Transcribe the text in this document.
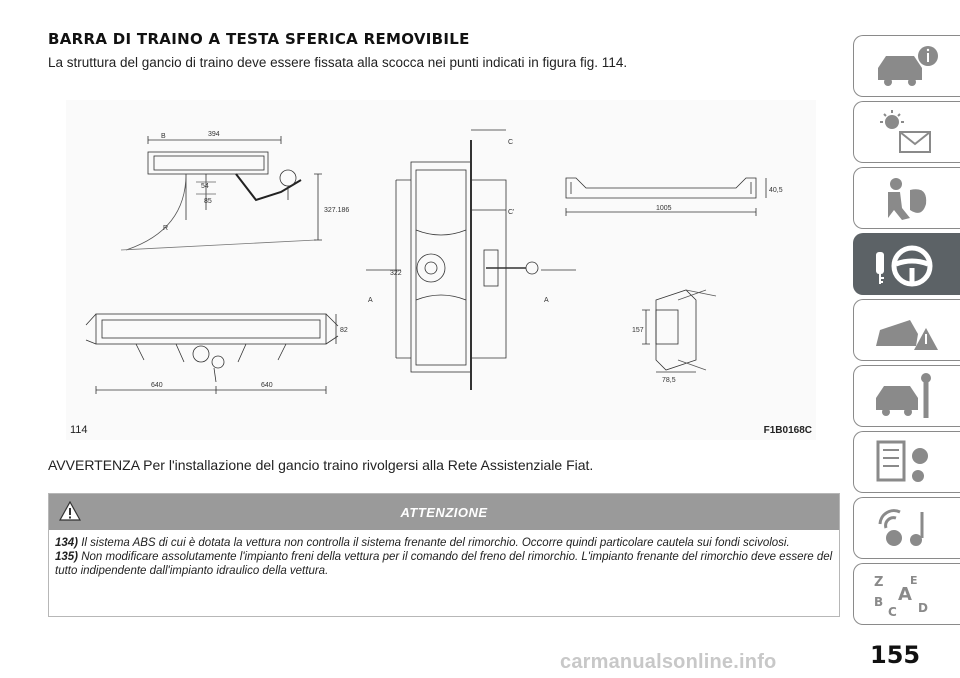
BARRA DI TRAINO A TESTA SFERICA REMOVIBILE
La struttura del gancio di traino deve essere fissata alla scocca nei punti indicati in figura fig. 114.
B
R
394
54
85
327.186
640	640
82
C
C'
A	A
322
1005
40,5
157
78,5
114	F1B0168C
AVVERTENZA Per l'installazione del gancio traino rivolgersi alla Rete Assistenziale Fiat.
ATTENZIONE

134) Il sistema ABS di cui è dotata la vettura non controlla il sistema frenante del rimorchio. Occorre quindi particolare cautela sui fondi scivolosi.

135) Non modificare assolutamente l'impianto freni della vettura per il comando del freno del rimorchio. L'impianto frenante del rimorchio deve essere del tutto indipendente dall'impianto idraulico della vettura.

Z E
A
B
C D
155
carmanualsonline.info
